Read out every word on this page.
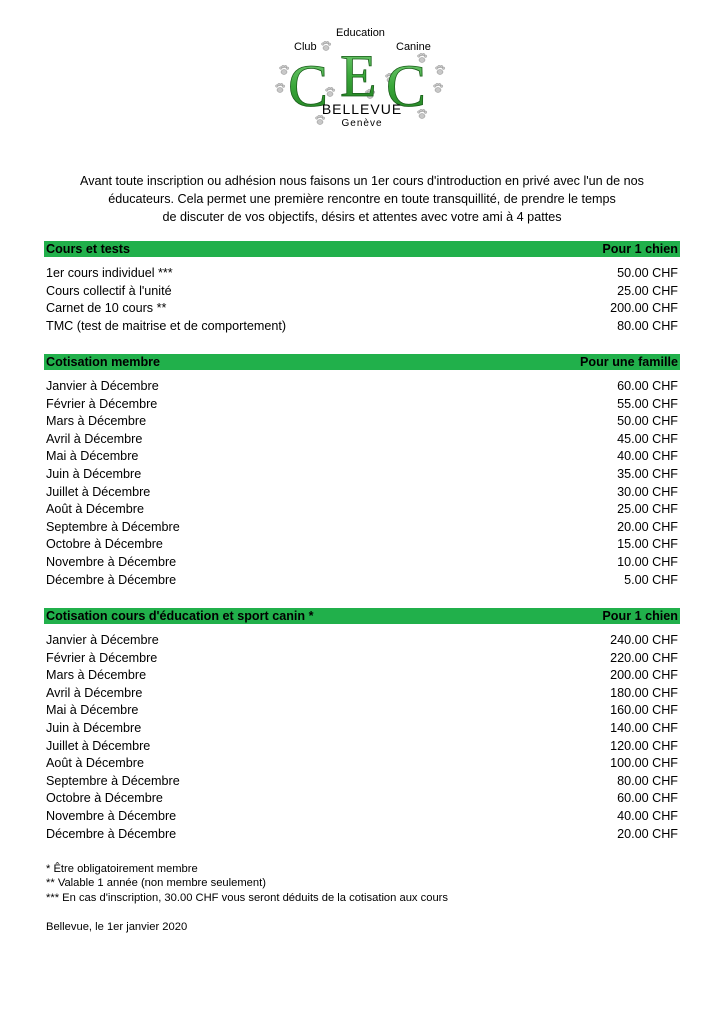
Club
Education
Canine
C E C
BELLEVUE
Genève
Avant toute inscription ou adhésion nous faisons un 1er cours d'introduction en privé avec l'un de nos
éducateurs. Cela permet une première rencontre en toute transquillité, de prendre le temps
de discuter de vos objectifs, désirs et attentes avec votre ami à 4 pattes
Cours et tests	Pour 1 chien
1er cours individuel ***	50.00 CHF
Cours collectif à l'unité	25.00 CHF
Carnet de 10 cours **	200.00 CHF
TMC (test de maitrise et de comportement)	80.00 CHF
Cotisation membre	Pour une famille
Janvier à Décembre	60.00 CHF
Février à Décembre	55.00 CHF
Mars à Décembre	50.00 CHF
Avril à Décembre	45.00 CHF
Mai à Décembre	40.00 CHF
Juin à Décembre	35.00 CHF
Juillet à Décembre	30.00 CHF
Août à Décembre	25.00 CHF
Septembre à Décembre	20.00 CHF
Octobre à Décembre	15.00 CHF
Novembre à Décembre	10.00 CHF
Décembre à Décembre	5.00 CHF
Cotisation cours d'éducation et sport canin *	Pour 1 chien
Janvier à Décembre	240.00 CHF
Février à Décembre	220.00 CHF
Mars à Décembre	200.00 CHF
Avril à Décembre	180.00 CHF
Mai à Décembre	160.00 CHF
Juin à Décembre	140.00 CHF
Juillet à Décembre	120.00 CHF
Août à Décembre	100.00 CHF
Septembre à Décembre	80.00 CHF
Octobre à Décembre	60.00 CHF
Novembre à Décembre	40.00 CHF
Décembre à Décembre	20.00 CHF
* Être obligatoirement membre
** Valable 1 année (non membre seulement)
*** En cas d'inscription, 30.00 CHF vous seront déduits de la cotisation aux cours
Bellevue, le 1er janvier 2020
